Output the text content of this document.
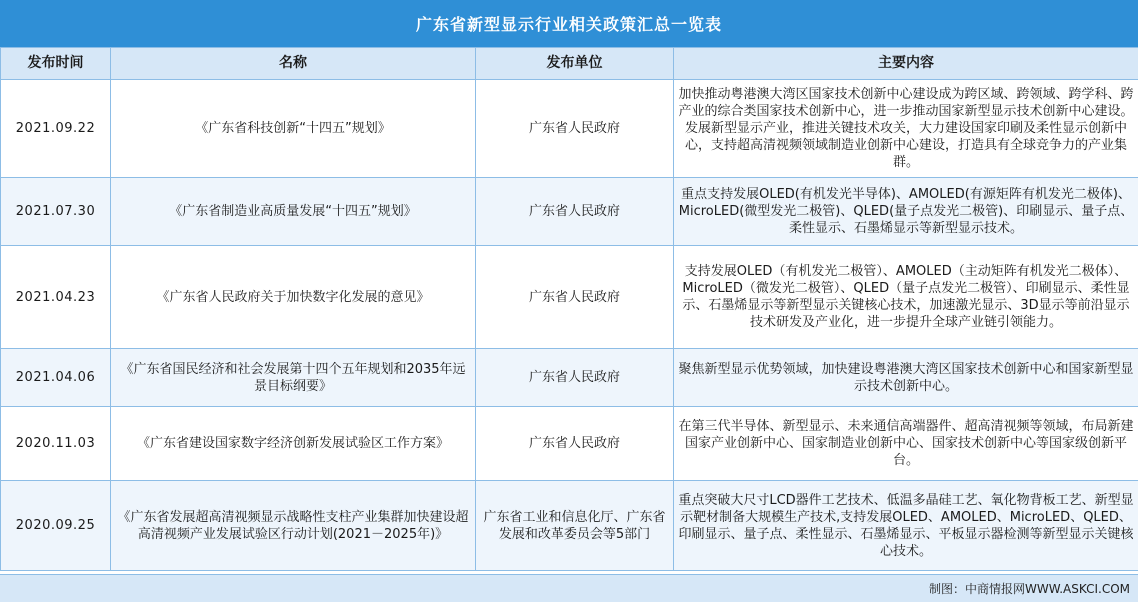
广东省新型显示行业相关政策汇总一览表
发布时间	名称	发布单位	主要内容
2021.09.22	《广东省科技创新“十四五”规划》	广东省人民政府	加快推动粤港澳大湾区国家技术创新中心建设成为跨区域、跨领域、跨学科、跨产业的综合类国家技术创新中心，进一步推动国家新型显示技术创新中心建设。发展新型显示产业，推进关键技术攻关，大力建设国家印刷及柔性显示创新中心，支持超高清视频领域制造业创新中心建设，打造具有全球竞争力的产业集群。
2021.07.30	《广东省制造业高质量发展“十四五”规划》	广东省人民政府	重点支持发展OLED(有机发光半导体)、AMOLED(有源矩阵有机发光二极体)、MicroLED(微型发光二极管)、QLED(量子点发光二极管)、印刷显示、量子点、柔性显示、石墨烯显示等新型显示技术。
2021.04.23	《广东省人民政府关于加快数字化发展的意见》	广东省人民政府	支持发展OLED（有机发光二极管）、AMOLED（主动矩阵有机发光二极体）、MicroLED（微发光二极管）、QLED（量子点发光二极管）、印刷显示、柔性显示、石墨烯显示等新型显示关键核心技术，加速激光显示、3D显示等前沿显示技术研发及产业化，进一步提升全球产业链引领能力。
2021.04.06	《广东省国民经济和社会发展第十四个五年规划和2035年远景目标纲要》	广东省人民政府	聚焦新型显示优势领域，加快建设粤港澳大湾区国家技术创新中心和国家新型显示技术创新中心。
2020.11.03	《广东省建设国家数字经济创新发展试验区工作方案》	广东省人民政府	在第三代半导体、新型显示、未来通信高端器件、超高清视频等领域，布局新建国家产业创新中心、国家制造业创新中心、国家技术创新中心等国家级创新平台。
2020.09.25	《广东省发展超高清视频显示战略性支柱产业集群加快建设超高清视频产业发展试验区行动计划(2021－2025年)》	广东省工业和信息化厅、广东省发展和改革委员会等5部门	重点突破大尺寸LCD器件工艺技术、低温多晶硅工艺、氧化物背板工艺、新型显示靶材制备大规模生产技术,支持发展OLED、AMOLED、MicroLED、QLED、印刷显示、量子点、柔性显示、石墨烯显示、平板显示器检测等新型显示关键核心技术。
制图：中商情报网WWW.ASKCI.COM
